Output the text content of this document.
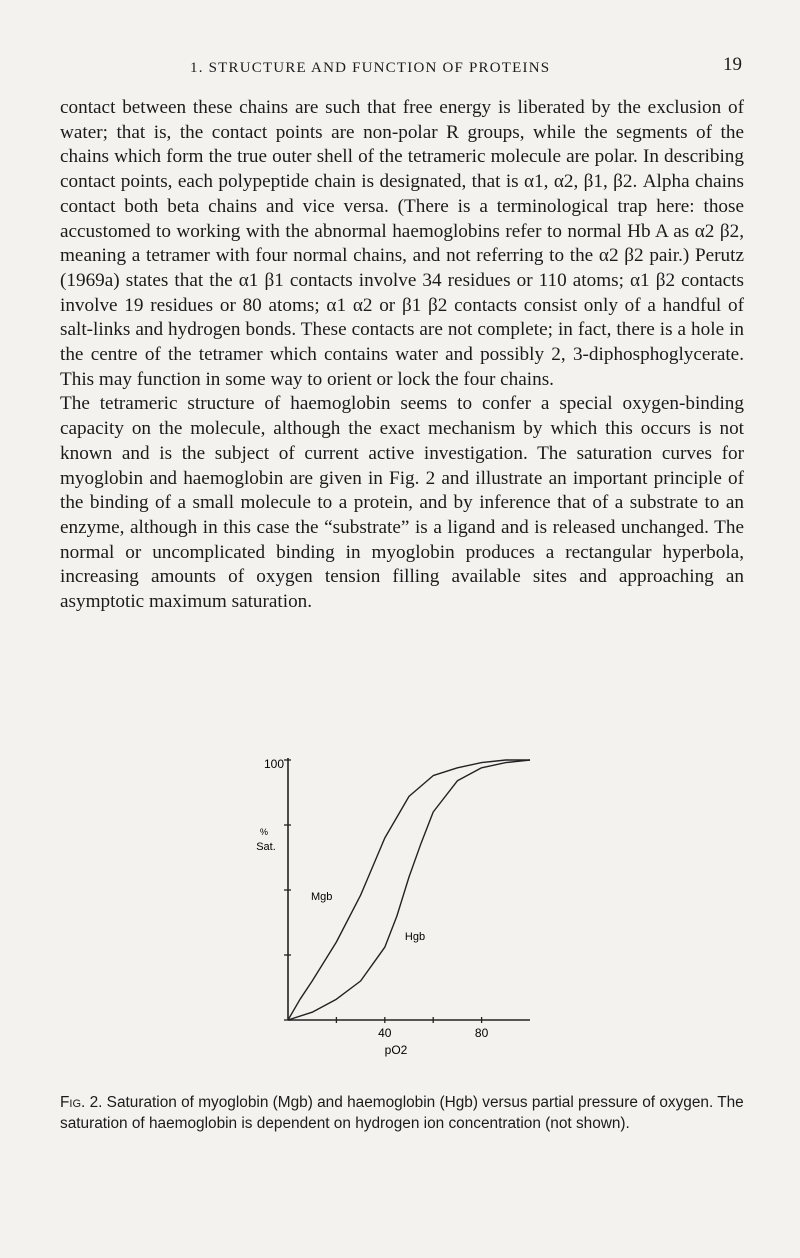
1. STRUCTURE AND FUNCTION OF PROTEINS	19

contact between these chains are such that free energy is liberated by the exclusion of water; that is, the contact points are non-polar R groups, while the segments of the chains which form the true outer shell of the tetrameric molecule are polar. In describing contact points, each polypeptide chain is designated, that is α1, α2, β1, β2. Alpha chains contact both beta chains and vice versa. (There is a terminological trap here: those accustomed to working with the abnormal haemoglobins refer to normal Hb A as α2 β2, meaning a tetramer with four normal chains, and not referring to the α2 β2 pair.) Perutz (1969a) states that the α1 β1 contacts involve 34 residues or 110 atoms; α1 β2 contacts involve 19 residues or 80 atoms; α1 α2 or β1 β2 contacts consist only of a handful of salt-links and hydrogen bonds. These contacts are not complete; in fact, there is a hole in the centre of the tetramer which contains water and possibly 2, 3-diphosphoglycerate. This may function in some way to orient or lock the four chains.

The tetrameric structure of haemoglobin seems to confer a special oxygen-binding capacity on the molecule, although the exact mechanism by which this occurs is not known and is the subject of current active investigation. The saturation curves for myoglobin and haemoglobin are given in Fig. 2 and illustrate an important principle of the binding of a small molecule to a protein, and by inference that of a substrate to an enzyme, although in this case the “substrate” is a ligand and is released unchanged. The normal or uncomplicated binding in myoglobin produces a rectangular hyperbola, increasing amounts of oxygen tension filling available sites and approaching an asymptotic maximum saturation.

100
%
Sat.
pO2
40	80
Mgb
Hgb
Fig. 2. Saturation of myoglobin (Mgb) and haemoglobin (Hgb) versus partial pressure of oxygen. The saturation of haemoglobin is dependent on hydrogen ion concentration (not shown).
